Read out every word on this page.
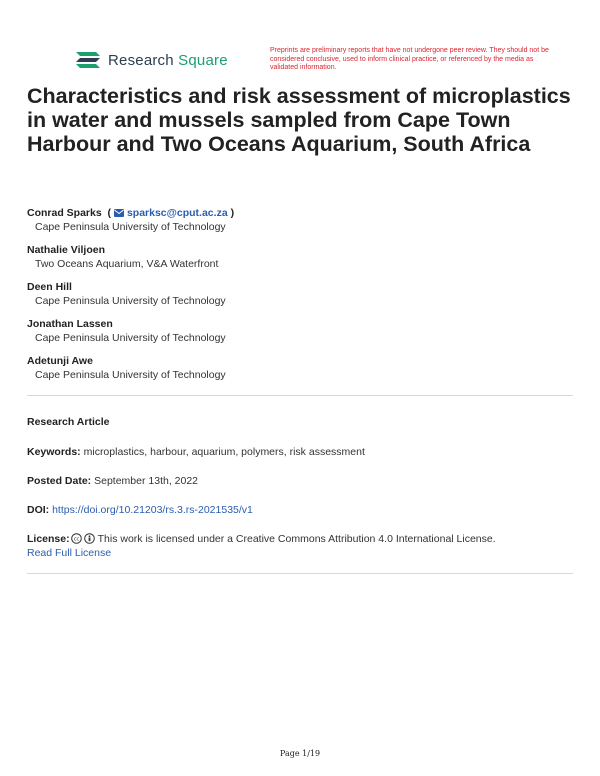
Research Square
Preprints are preliminary reports that have not undergone peer review. They should not be considered conclusive, used to inform clinical practice, or referenced by the media as validated information.
Characteristics and risk assessment of microplastics in water and mussels sampled from Cape Town Harbour and Two Oceans Aquarium, South Africa
Conrad Sparks  ( sparksc@cput.ac.za )
Cape Peninsula University of Technology
Nathalie Viljoen
Two Oceans Aquarium, V&A Waterfront
Deen Hill
Cape Peninsula University of Technology
Jonathan Lassen
Cape Peninsula University of Technology
Adetunji Awe
Cape Peninsula University of Technology
Research Article
Keywords: microplastics, harbour, aquarium, polymers, risk assessment
Posted Date: September 13th, 2022
DOI: https://doi.org/10.21203/rs.3.rs-2021535/v1
License: cc This work is licensed under a Creative Commons Attribution 4.0 International License.
Read Full License
Page 1/19
